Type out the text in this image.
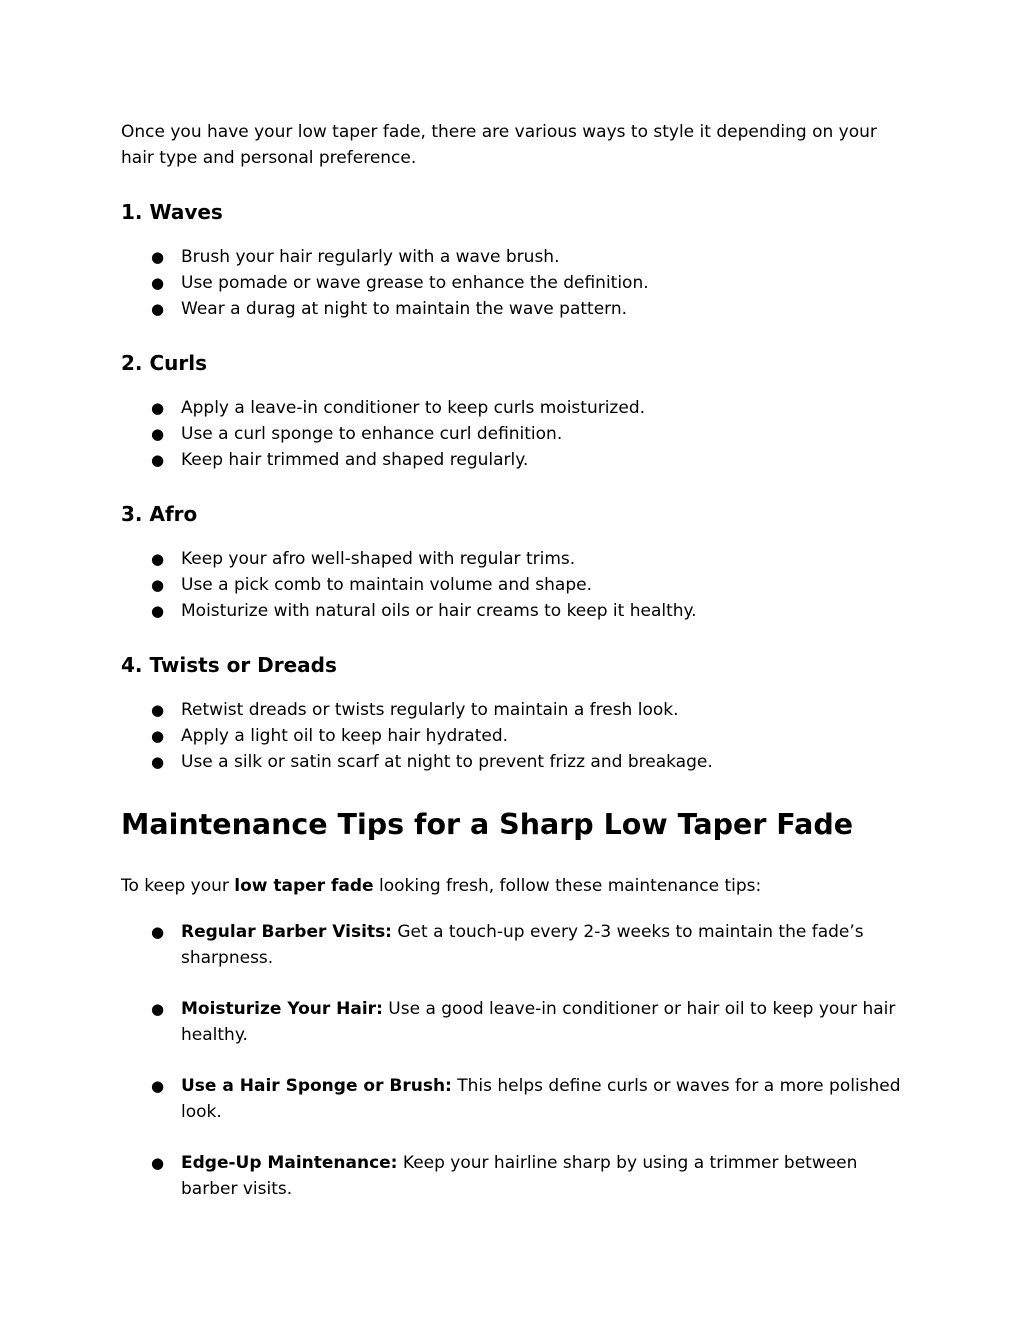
Once you have your low taper fade, there are various ways to style it depending on your hair type and personal preference.

1. Waves
● Brush your hair regularly with a wave brush.
● Use pomade or wave grease to enhance the definition.
● Wear a durag at night to maintain the wave pattern.
2. Curls
● Apply a leave-in conditioner to keep curls moisturized.
● Use a curl sponge to enhance curl definition.
● Keep hair trimmed and shaped regularly.
3. Afro
● Keep your afro well-shaped with regular trims.
● Use a pick comb to maintain volume and shape.
● Moisturize with natural oils or hair creams to keep it healthy.
4. Twists or Dreads
● Retwist dreads or twists regularly to maintain a fresh look.
● Apply a light oil to keep hair hydrated.
● Use a silk or satin scarf at night to prevent frizz and breakage.
Maintenance Tips for a Sharp Low Taper Fade

To keep your low taper fade looking fresh, follow these maintenance tips:

● Regular Barber Visits: Get a touch-up every 2-3 weeks to maintain the fade’s sharpness.
● Moisturize Your Hair: Use a good leave-in conditioner or hair oil to keep your hair healthy.
● Use a Hair Sponge or Brush: This helps define curls or waves for a more polished look.
● Edge-Up Maintenance: Keep your hairline sharp by using a trimmer between barber visits.
